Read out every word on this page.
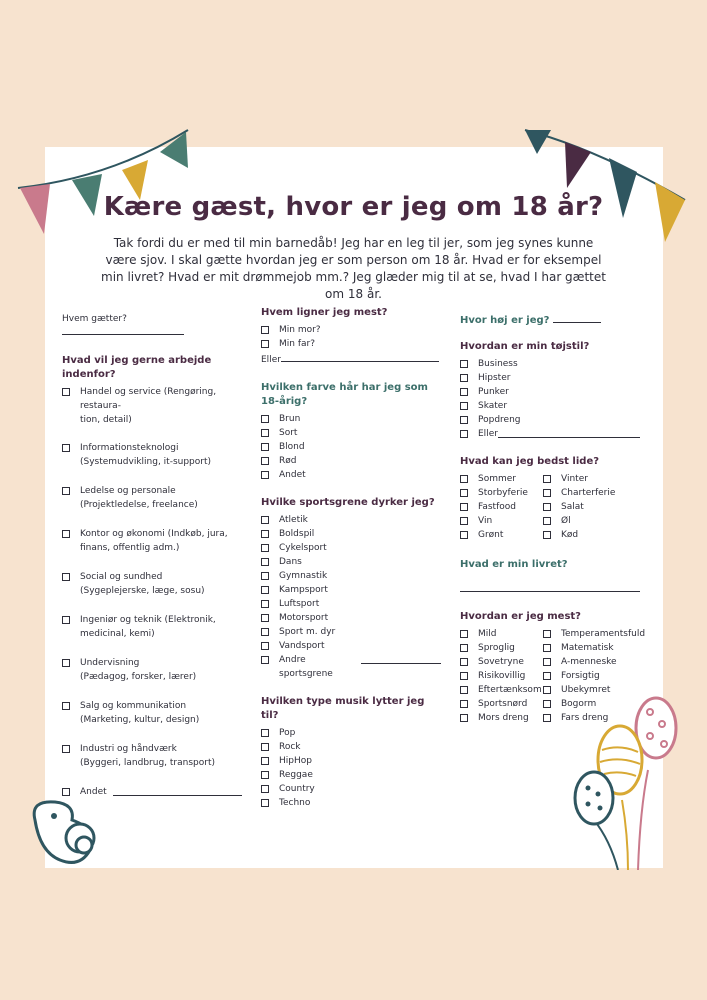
Kære gæst, hvor er jeg om 18 år?
Tak fordi du er med til min barnedåb! Jeg har en leg til jer, som jeg synes kunne være sjov. I skal gætte hvordan jeg er som person om 18 år. Hvad er for eksempel min livret? Hvad er mit drømmejob mm.? Jeg glæder mig til at se, hvad I har gættet om 18 år.
Hvem gætter?
Hvad vil jeg gerne arbejde indenfor?
Handel og service (Rengøring, restaura-
tion, detail)
Informationsteknologi
(Systemudvikling, it-support)
Ledelse og personale
(Projektledelse, freelance)
Kontor og økonomi (Indkøb, jura,
finans, offentlig adm.)
Social og sundhed
(Sygeplejerske, læge, sosu)
Ingeniør og teknik (Elektronik,
medicinal, kemi)
Undervisning
(Pædagog, forsker, lærer)
Salg og kommunikation
(Marketing, kultur, design)
Industri og håndværk
(Byggeri, landbrug, transport)
Andet
Hvem ligner jeg mest?
Min mor?
Min far?
Eller
Hvilken farve hår har jeg som 18-årig?
Brun
Sort
Blond
Rød
Andet
Hvilke sportsgrene dyrker jeg?
Atletik
Boldspil
Cykelsport
Dans
Gymnastik
Kampsport
Luftsport
Motorsport
Sport m. dyr
Vandsport
Andre sportsgrene
Hvilken type musik lytter jeg til?
Pop
Rock
HipHop
Reggae
Country
Techno
Hvor høj er jeg?
Hvordan er min tøjstil?
Business
Hipster
Punker
Skater
Popdreng
Eller
Hvad kan jeg bedst lide?
Sommer	Vinter
Storbyferie	Charterferie
Fastfood	Salat
Vin	Øl
Grønt	Kød
Hvad er min livret?
Hvordan er jeg mest?
Mild	Temperamentsfuld
Sproglig	Matematisk
Sovetryne	A-menneske
Risikovillig	Forsigtig
Eftertænksom Ubekymret
Sportsnørd	Bogorm
Mors dreng	Fars dreng
